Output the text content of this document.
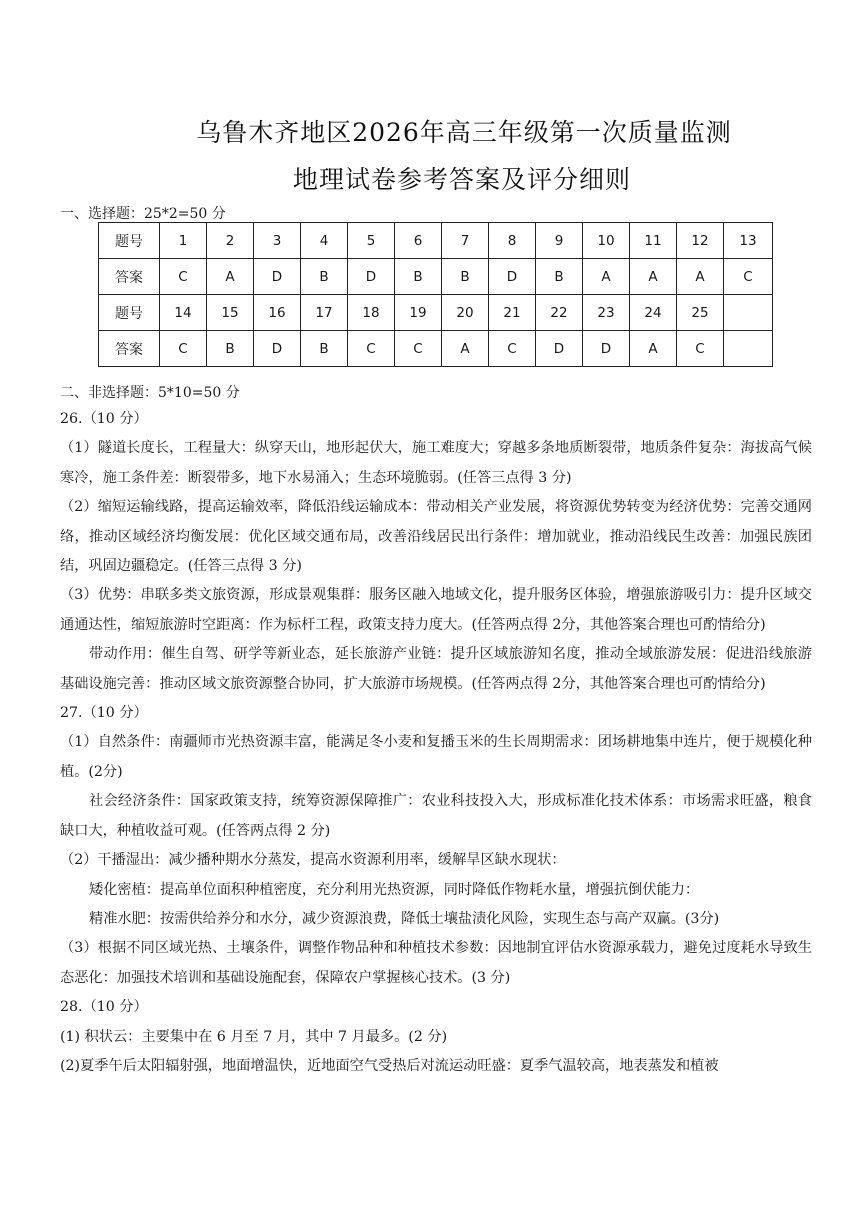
乌鲁木齐地区2026年高三年级第一次质量监测
地理试卷参考答案及评分细则
一、选择题：25*2=50 分
题号	1	2	3	4	5	6	7	8	9	10	11	12	13
答案	C	A	D	B	D	B	B	D	B	A	A	A	C
题号	14	15	16	17	18	19	20	21	22	23	24	25	
答案	C	B	D	B	C	C	A	C	D	D	A	C	
二、非选择题：5*10=50 分

26.（10 分）

（1）隧道长度长，工程量大：纵穿天山，地形起伏大，施工难度大；穿越多条地质断裂带，地质条件复杂：海拔高气候寒冷，施工条件差：断裂带多，地下水易涌入；生态环境脆弱。(任答三点得 3 分)

（2）缩短运输线路，提高运输效率，降低沿线运输成本：带动相关产业发展，将资源优势转变为经济优势：完善交通网络，推动区域经济均衡发展：优化区域交通布局，改善沿线居民出行条件：增加就业，推动沿线民生改善：加强民族团结，巩固边疆稳定。(任答三点得 3 分)

（3）优势：串联多类文旅资源，形成景观集群：服务区融入地域文化，提升服务区体验，增强旅游吸引力：提升区域交通通达性，缩短旅游时空距离：作为标杆工程，政策支持力度大。(任答两点得 2分，其他答案合理也可酌情给分)

带动作用：催生自驾、研学等新业态，延长旅游产业链：提升区域旅游知名度，推动全域旅游发展：促进沿线旅游基础设施完善：推动区域文旅资源整合协同，扩大旅游市场规模。(任答两点得 2分，其他答案合理也可酌情给分)

27.（10 分）

（1）自然条件：南疆师市光热资源丰富，能满足冬小麦和复播玉米的生长周期需求：团场耕地集中连片，便于规模化种植。(2分)

社会经济条件：国家政策支持，统筹资源保障推广：农业科技投入大，形成标准化技术体系：市场需求旺盛，粮食缺口大，种植收益可观。(任答两点得 2 分)

（2）干播湿出：减少播种期水分蒸发，提高水资源利用率，缓解旱区缺水现状：

矮化密植：提高单位面积种植密度，充分利用光热资源，同时降低作物耗水量，增强抗倒伏能力：

精准水肥：按需供给养分和水分，减少资源浪费，降低土壤盐渍化风险，实现生态与高产双赢。(3分)

（3）根据不同区域光热、土壤条件，调整作物品种和种植技术参数：因地制宜评估水资源承载力，避免过度耗水导致生态恶化：加强技术培训和基础设施配套，保障农户掌握核心技术。(3 分)

28.（10 分）

(1) 积状云：主要集中在 6 月至 7 月，其中 7 月最多。(2 分)

(2)夏季午后太阳辐射强，地面增温快，近地面空气受热后对流运动旺盛：夏季气温较高，地表蒸发和植被
